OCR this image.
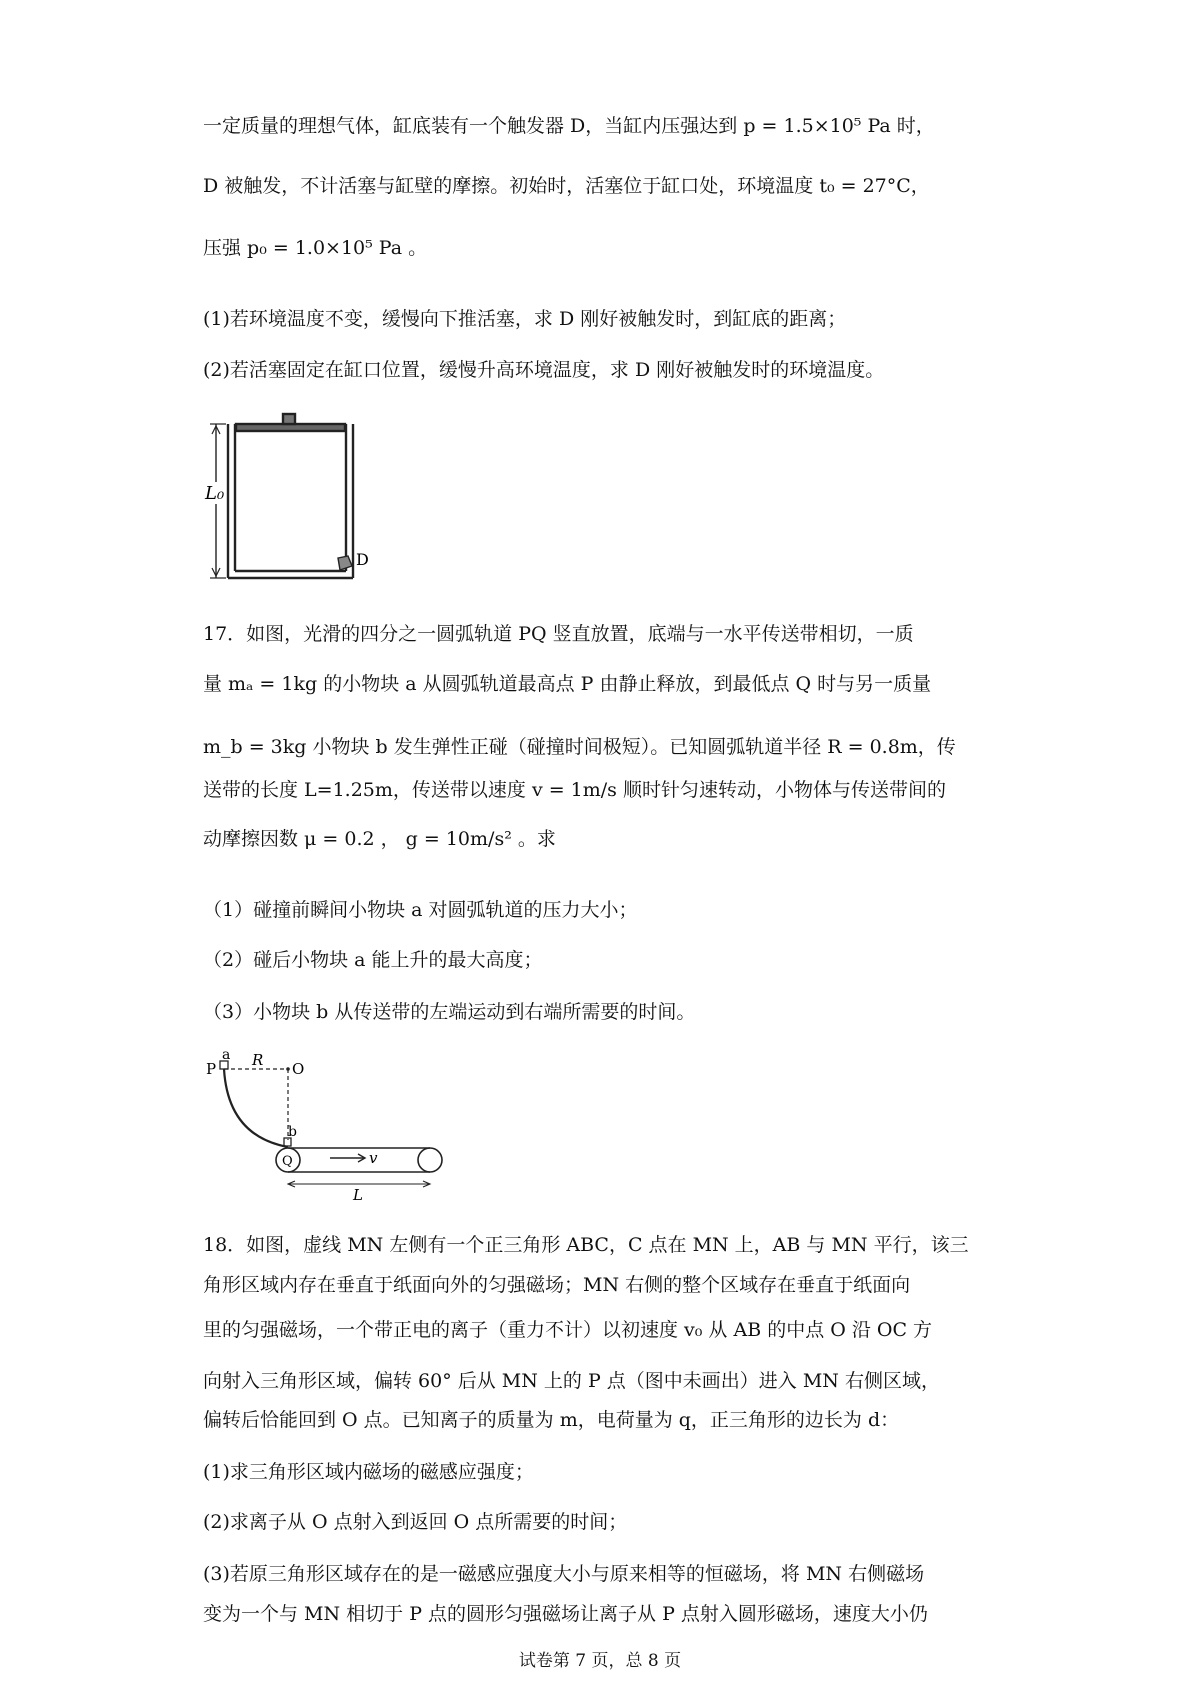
一定质量的理想气体，缸底装有一个触发器 D，当缸内压强达到 p = 1.5×10⁵ Pa 时，
D 被触发，不计活塞与缸壁的摩擦。初始时，活塞位于缸口处，环境温度 t₀ = 27°C，
压强 p₀ = 1.0×10⁵ Pa 。
(1)若环境温度不变，缓慢向下推活塞，求 D 刚好被触发时，到缸底的距离；
(2)若活塞固定在缸口位置，缓慢升高环境温度，求 D 刚好被触发时的环境温度。
L₀
D
17．如图，光滑的四分之一圆弧轨道 PQ 竖直放置，底端与一水平传送带相切，一质
量 mₐ = 1kg 的小物块 a 从圆弧轨道最高点 P 由静止释放，到最低点 Q 时与另一质量
m_b = 3kg 小物块 b 发生弹性正碰（碰撞时间极短）。已知圆弧轨道半径 R = 0.8m，传
送带的长度 L=1.25m，传送带以速度 v = 1m/s 顺时针匀速转动，小物体与传送带间的
动摩擦因数 μ = 0.2 ， g = 10m/s² 。求
（1）碰撞前瞬间小物块 a 对圆弧轨道的压力大小；
（2）碰后小物块 a 能上升的最大高度；
（3）小物块 b 从传送带的左端运动到右端所需要的时间。
P
a R O
b
Q	v
L
18．如图，虚线 MN 左侧有一个正三角形 ABC，C 点在 MN 上，AB 与 MN 平行，该三
角形区域内存在垂直于纸面向外的匀强磁场；MN 右侧的整个区域存在垂直于纸面向
里的匀强磁场，一个带正电的离子（重力不计）以初速度 v₀ 从 AB 的中点 O 沿 OC 方
向射入三角形区域，偏转 60° 后从 MN 上的 P 点（图中未画出）进入 MN 右侧区域，
偏转后恰能回到 O 点。已知离子的质量为 m，电荷量为 q，正三角形的边长为 d：
(1)求三角形区域内磁场的磁感应强度；
(2)求离子从 O 点射入到返回 O 点所需要的时间；
(3)若原三角形区域存在的是一磁感应强度大小与原来相等的恒磁场，将 MN 右侧磁场
变为一个与 MN 相切于 P 点的圆形匀强磁场让离子从 P 点射入圆形磁场，速度大小仍
试卷第 7 页，总 8 页
